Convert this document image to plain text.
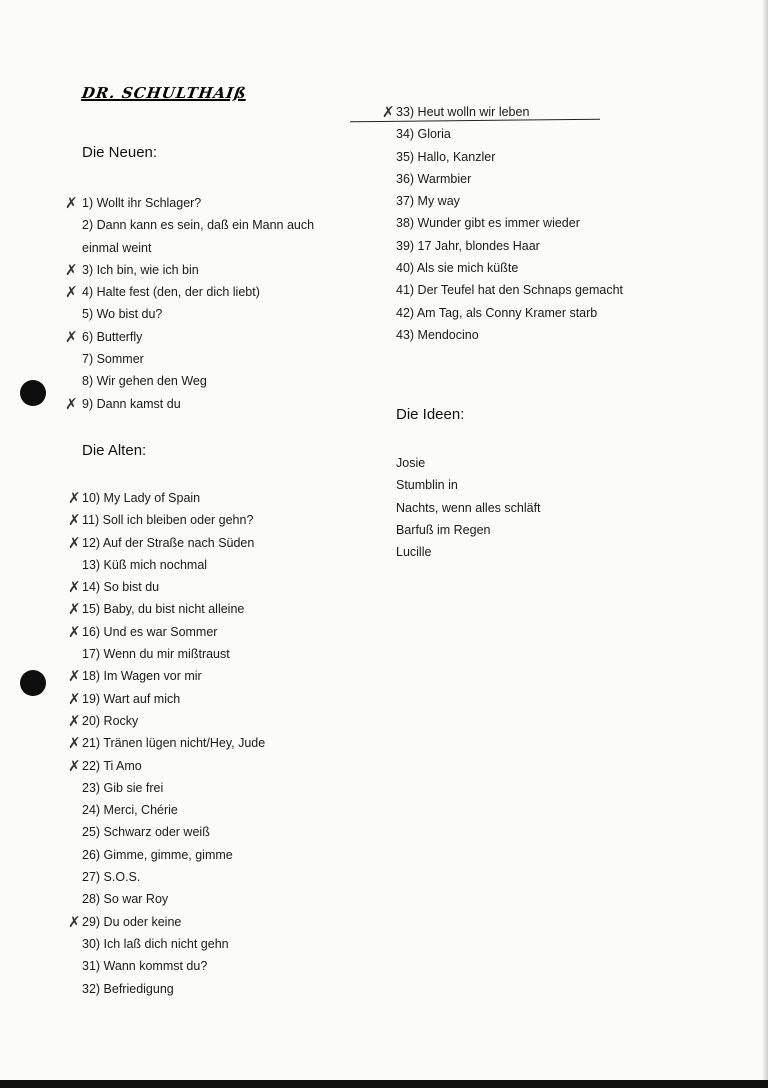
DR. SCHULTHAIß
Die Neuen:
✗ 1) Wollt ihr Schlager?
2) Dann kann es sein, daß ein Mann auch einmal weint
✗ 3) Ich bin, wie ich bin
✗ 4) Halte fest (den, der dich liebt)
5) Wo bist du?
✗ 6) Butterfly
7) Sommer
8) Wir gehen den Weg
✗ 9) Dann kamst du
Die Alten:
✗ 10) My Lady of Spain
✗ 11) Soll ich bleiben oder gehn?
✗ 12) Auf der Straße nach Süden
13) Küß mich nochmal
✗ 14) So bist du
✗ 15) Baby, du bist nicht alleine
✗ 16) Und es war Sommer
17) Wenn du mir mißtraust
✗ 18) Im Wagen vor mir
✗ 19) Wart auf mich
✗ 20) Rocky
✗ 21) Tränen lügen nicht/Hey, Jude
✗ 22) Ti Amo
23) Gib sie frei
24) Merci, Chérie
25) Schwarz oder weiß
26) Gimme, gimme, gimme
27) S.O.S.
28) So war Roy
✗ 29) Du oder keine
30) Ich laß dich nicht gehn
31) Wann kommst du?
32) Befriedigung
✗ 33) Heut wolln wir leben
34) Gloria
35) Hallo, Kanzler
36) Warmbier
37) My way
38) Wunder gibt es immer wieder
39) 17 Jahr, blondes Haar
40) Als sie mich küßte
41) Der Teufel hat den Schnaps gemacht
42) Am Tag, als Conny Kramer starb
43) Mendocino
Die Ideen:
Josie
Stumblin in
Nachts, wenn alles schläft
Barfuß im Regen
Lucille
